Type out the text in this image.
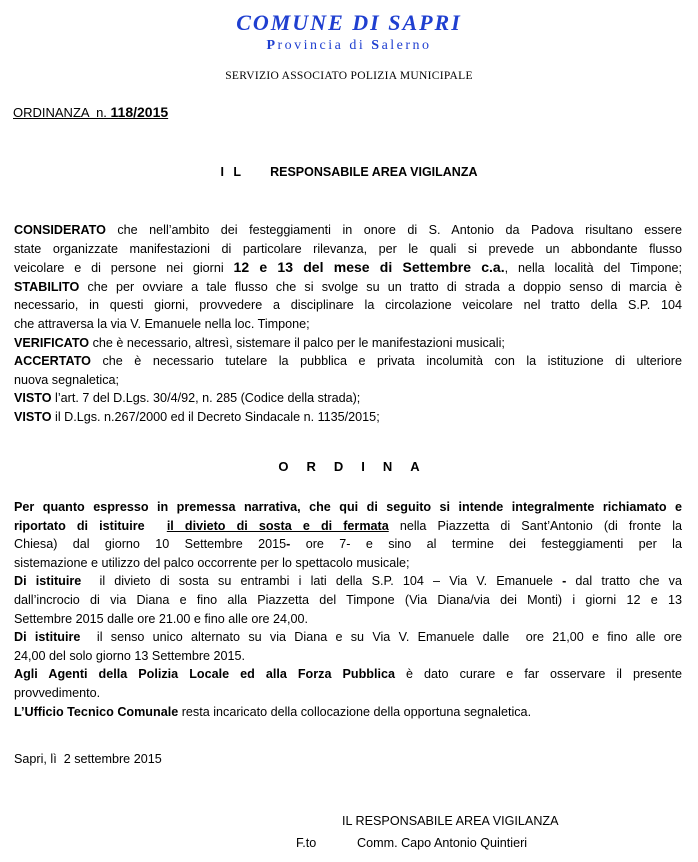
COMUNE DI SAPRI
Provincia di Salerno
SERVIZIO ASSOCIATO POLIZIA MUNICIPALE
ORDINANZA  n. 118/2015
I L RESPONSABILE AREA VIGILANZA

CONSIDERATO che nell’ambito dei festeggiamenti in onore di S. Antonio da Padova risultano essere

state organizzate manifestazioni di particolare rilevanza, per le quali si prevede un abbondante flusso

veicolare e di persone nei giorni 12 e 13 del mese di Settembre c.a., nella località del Timpone;

STABILITO che per ovviare a tale flusso che si svolge su un tratto di strada a doppio senso di marcia è

necessario, in questi giorni, provvedere a disciplinare la circolazione veicolare nel tratto della S.P. 104

che attraversa la via V. Emanuele nella loc. Timpone;

VERIFICATO che è necessario, altresì, sistemare il palco per le manifestazioni musicali;

ACCERTATO che è necessario tutelare la pubblica e privata incolumità con la istituzione di ulteriore

nuova segnaletica;

VISTO l’art. 7 del D.Lgs. 30/4/92, n. 285 (Codice della strada);

VISTO il D.Lgs. n.267/2000 ed il Decreto Sindacale n. 1135/2015;

ORDINA

Per quanto espresso in premessa narrativa, che qui di seguito si intende integralmente richiamato e

riportato di istituire  il divieto di sosta e di fermata nella Piazzetta di Sant’Antonio (di fronte la

Chiesa) dal giorno 10 Settembre 2015- ore 7- e sino al termine dei festeggiamenti per la

sistemazione e utilizzo del palco occorrente per lo spettacolo musicale;

Di istituire  il divieto di sosta su entrambi i lati della S.P. 104 – Via V. Emanuele - dal tratto che va

dall’incrocio di via Diana e fino alla Piazzetta del Timpone (Via Diana/via dei Monti) i giorni 12 e 13

Settembre 2015 dalle ore 21.00 e fino alle ore 24,00.

Di istituire  il senso unico alternato su via Diana e su Via V. Emanuele dalle  ore 21,00 e fino alle ore

24,00 del solo giorno 13 Settembre 2015.

Agli Agenti della Polizia Locale ed alla Forza Pubblica è dato curare e far osservare il presente

provvedimento.

L’Ufficio Tecnico Comunale resta incaricato della collocazione della opportuna segnaletica.

Sapri, lì  2 settembre 2015
IL RESPONSABILE AREA VIGILANZA
F.to	Comm. Capo Antonio Quintieri
